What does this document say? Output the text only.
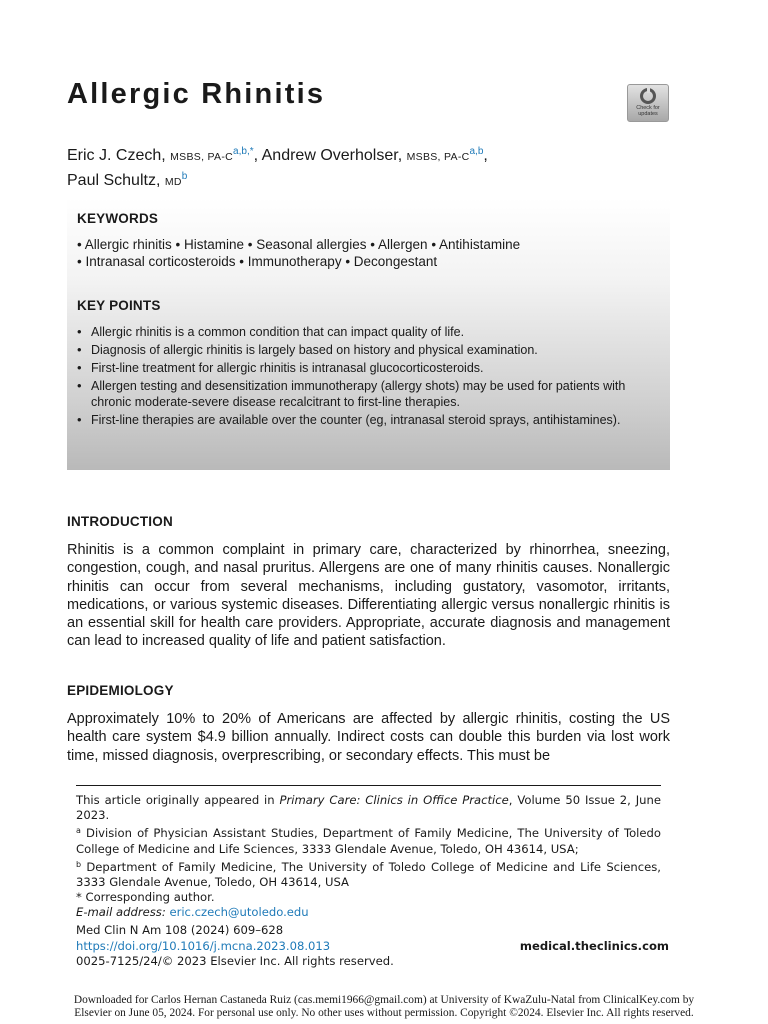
Allergic Rhinitis	Check for updates
Eric J. Czech, MSBS, PA-C$^{a,b,*}$, Andrew Overholser, MSBS, PA-C$^{a,b}$,
Paul Schultz, MD$^b$
KEYWORDS
• Allergic rhinitis • Histamine • Seasonal allergies • Allergen • Antihistamine
• Intranasal corticosteroids • Immunotherapy • Decongestant
KEY POINTS
• Allergic rhinitis is a common condition that can impact quality of life.
• Diagnosis of allergic rhinitis is largely based on history and physical examination.
• First-line treatment for allergic rhinitis is intranasal glucocorticosteroids.
• Allergen testing and desensitization immunotherapy (allergy shots) may be used for patients with chronic moderate-severe disease recalcitrant to first-line therapies.
• First-line therapies are available over the counter (eg, intranasal steroid sprays, antihistamines).
INTRODUCTION

Rhinitis is a common complaint in primary care, characterized by rhinorrhea, sneezing, congestion, cough, and nasal pruritus. Allergens are one of many rhinitis causes. Nonallergic rhinitis can occur from several mechanisms, including gustatory, vasomotor, irritants, medications, or various systemic diseases. Differentiating allergic versus nonallergic rhinitis is an essential skill for health care providers. Appropriate, accurate diagnosis and management can lead to increased quality of life and patient satisfaction.

EPIDEMIOLOGY

Approximately 10% to 20% of Americans are affected by allergic rhinitis, costing the US health care system $4.9 billion annually. Indirect costs can double this burden via lost work time, missed diagnosis, overprescribing, or secondary effects. This must be

This article originally appeared in Primary Care: Clinics in Office Practice, Volume 50 Issue 2, June 2023.

$^a$ Division of Physician Assistant Studies, Department of Family Medicine, The University of Toledo College of Medicine and Life Sciences, 3333 Glendale Avenue, Toledo, OH 43614, USA;

$^b$ Department of Family Medicine, The University of Toledo College of Medicine and Life Sciences, 3333 Glendale Avenue, Toledo, OH 43614, USA

* Corresponding author.

E-mail address: eric.czech@utoledo.edu

Med Clin N Am 108 (2024) 609–628
https://doi.org/10.1016/j.mcna.2023.08.013
0025-7125/24/© 2023 Elsevier Inc. All rights reserved.
medical.theclinics.com
Downloaded for Carlos Hernan Castaneda Ruiz (cas.memi1966@gmail.com) at University of KwaZulu-Natal from ClinicalKey.com by
Elsevier on June 05, 2024. For personal use only. No other uses without permission. Copyright ©2024. Elsevier Inc. All rights reserved.
